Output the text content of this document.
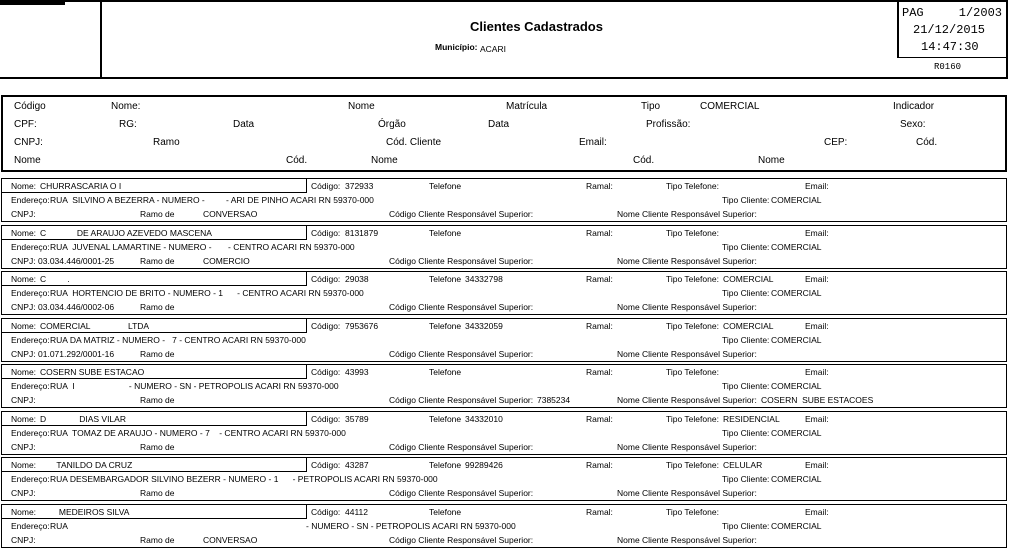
Clientes Cadastrados
Município: ACARI
PAG	1/2003
21/12/2015
14:47:30
R0160
Código	Nome:	Nome	Matrícula	Tipo	COMERCIAL	Indicador
CPF:	RG:	Data	Órgão	Data	Profissão:	Sexo:
CNPJ:	Ramo	Cód. Cliente	Email:	CEP:	Cód.
Nome	Cód.	Nome	Cód.	Nome
Nome: CHURRASCARIA O I	Código: 372933	Telefone	Ramal:	Tipo Telefone:	Email:
Endereço: RUA  SILVINO A BEZERRA - NUMERO -         - ARI DE PINHO ACARI RN 59370-000	Tipo Cliente: COMERCIAL
CNPJ:	Ramo de	CONVERSAO	Código Cliente Responsável Superior:	Nome Cliente Responsável Superior:
Nome: C             DE ARAUJO AZEVEDO MASCENA	Código: 8131879	Telefone	Ramal:	Tipo Telefone:	Email:
Endereço: RUA  JUVENAL LAMARTINE - NUMERO -       - CENTRO ACARI RN 59370-000	Tipo Cliente: COMERCIAL
CNPJ: 03.034.446/0001-25	Ramo de	COMERCIO	Código Cliente Responsável Superior:	Nome Cliente Responsável Superior:
Nome: C         .	Código: 29038	Telefone 34332798	Ramal:	Tipo Telefone: COMERCIAL	Email:
Endereço: RUA  HORTENCIO DE BRITO - NUMERO - 1      - CENTRO ACARI RN 59370-000	Tipo Cliente: COMERCIAL
CNPJ: 03.034.446/0002-06	Ramo de	Código Cliente Responsável Superior:	Nome Cliente Responsável Superior:
Nome: COMERCIAL                LTDA	Código: 7953676	Telefone 34332059	Ramal:	Tipo Telefone: COMERCIAL	Email:
Endereço: RUA DA MATRIZ - NUMERO -   7 - CENTRO ACARI RN 59370-000	Tipo Cliente: COMERCIAL
CNPJ: 01.071.292/0001-16	Ramo de	Código Cliente Responsável Superior:	Nome Cliente Responsável Superior:
Nome: COSERN SUBE ESTACAO	Código: 43993	Telefone	Ramal:	Tipo Telefone:	Email:
Endereço: RUA  I                       - NUMERO - SN - PETROPOLIS ACARI RN 59370-000	Tipo Cliente: COMERCIAL
CNPJ:	Ramo de	Código Cliente Responsável Superior: 7385234	Nome Cliente Responsável Superior: COSERN  SUBE ESTACOES
Nome: D              DIAS VILAR	Código: 35789	Telefone 34332010	Ramal:	Tipo Telefone: RESIDENCIAL	Email:
Endereço: RUA  TOMAZ DE ARAUJO - NUMERO - 7    - CENTRO ACARI RN 59370-000	Tipo Cliente: COMERCIAL
CNPJ:	Ramo de	Código Cliente Responsável Superior:	Nome Cliente Responsável Superior:
Nome: TANILDO DA CRUZ	Código: 43287	Telefone 99289426	Ramal:	Tipo Telefone: CELULAR	Email:
Endereço: RUA DESEMBARGADOR SILVINO BEZERR - NUMERO - 1      - PETROPOLIS ACARI RN 59370-000	Tipo Cliente: COMERCIAL
CNPJ:	Ramo de	Código Cliente Responsável Superior:	Nome Cliente Responsável Superior:
Nome: MEDEIROS SILVA	Código: 44112	Telefone	Ramal:	Tipo Telefone:	Email:
Endereço: RUA                                                                                                     - NUMERO - SN - PETROPOLIS ACARI RN 59370-000	Tipo Cliente: COMERCIAL
CNPJ:	Ramo de	CONVERSAO	Código Cliente Responsável Superior:	Nome Cliente Responsável Superior:
